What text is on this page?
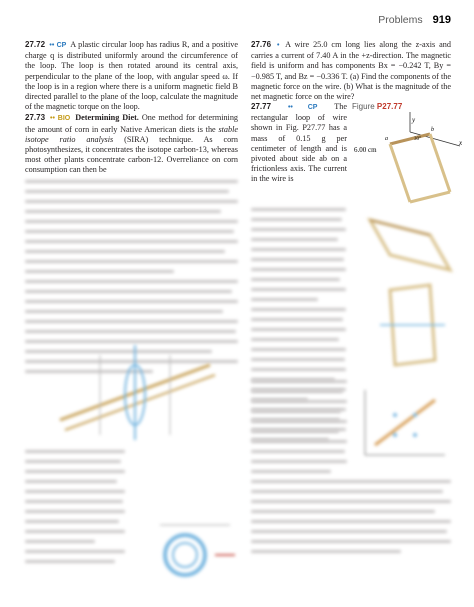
Problems 919
27.72 •• CP A plastic circular loop has radius R, and a positive charge q is distributed uniformly around the circumference of the loop. The loop is then rotated around its central axis, perpendicular to the plane of the loop, with angular speed ω. If the loop is in a region where there is a uniform magnetic field B directed parallel to the plane of the loop, calculate the magnitude of the magnetic torque on the loop.
27.73 •• BIO Determining Diet. One method for determining the amount of corn in early Native American diets is the stable isotope ratio analysis (SIRA) technique. As corn photosynthesizes, it concentrates the isotope carbon-13, whereas most other plants concentrate carbon-12. Overreliance on corn consumption can then be
27.76 • A wire 25.0 cm long lies along the z-axis and carries a current of 7.40 A in the +z-direction. The magnetic field is uniform and has components Bx = −0.242 T, By = −0.985 T, and Bz = −0.336 T. (a) Find the components of the magnetic force on the wire. (b) What is the magnitude of the net magnetic force on the wire?
27.77 •• CP The rectangular loop of wire shown in Fig. P27.77 has a mass of 0.15 g per centimeter of length and is pivoted about side ab on a frictionless axis. The current in the wire is
Figure P27.77
y
x
6.00 cm
a
b
30°
